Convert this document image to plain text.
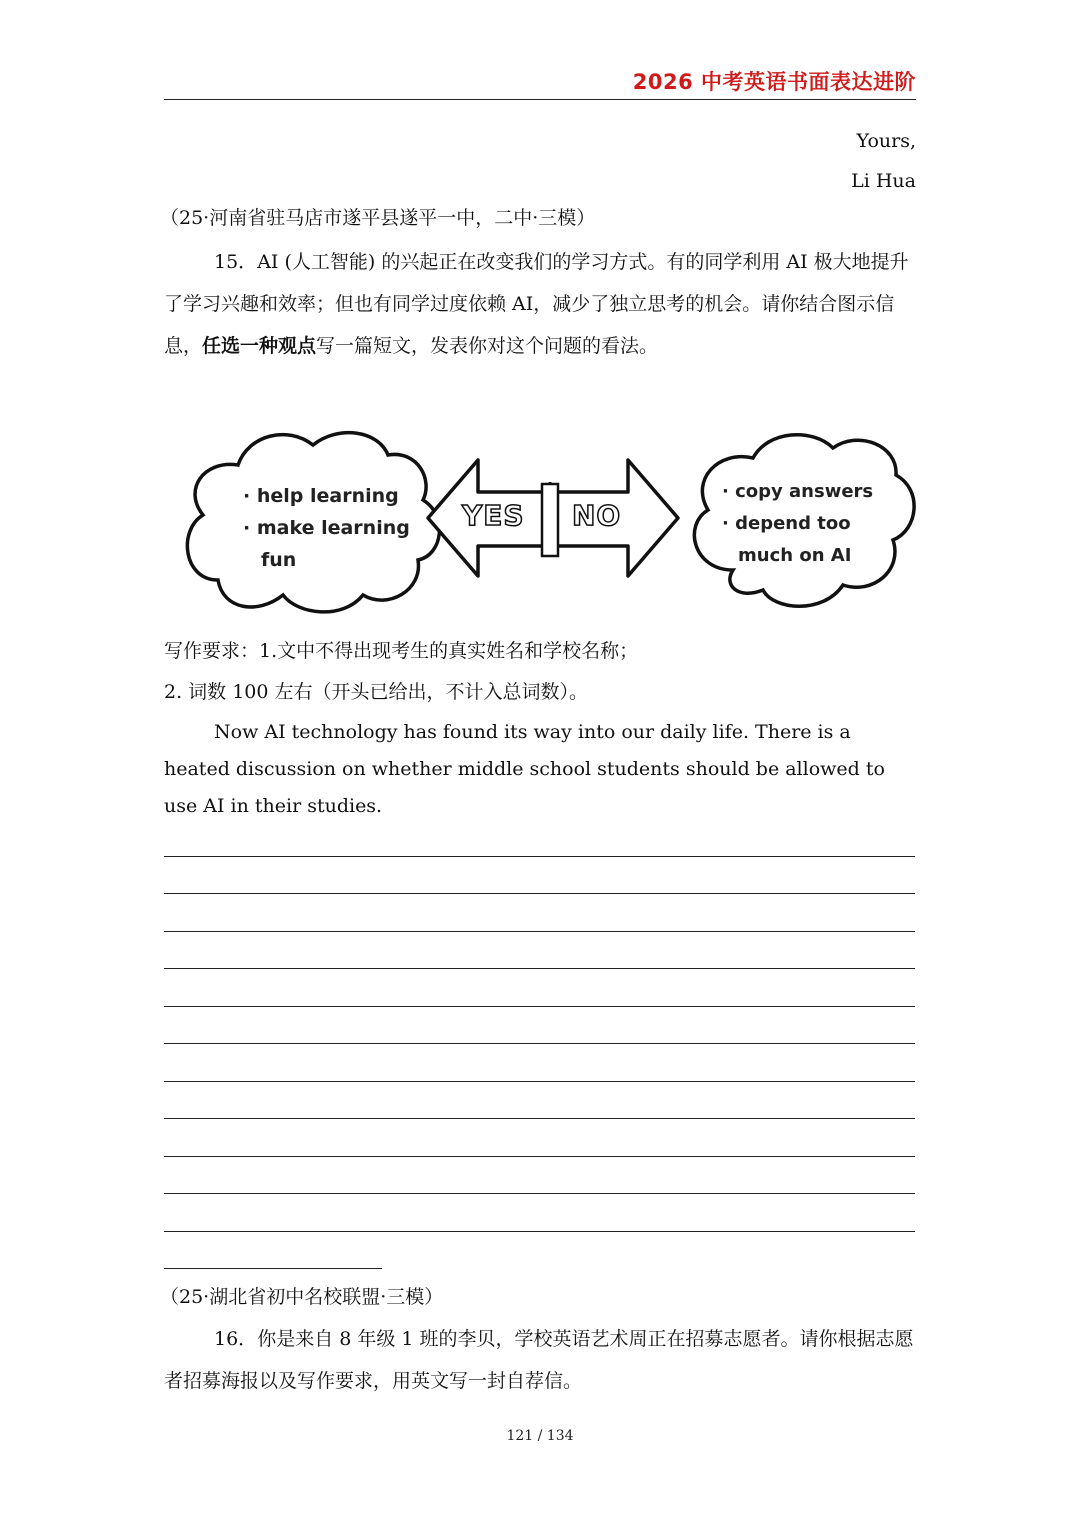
2026 中考英语书面表达进阶
Yours,
Li Hua
（25·河南省驻马店市遂平县遂平一中，二中·三模）
15．AI (人工智能) 的兴起正在改变我们的学习方式。有的同学利用 AI 极大地提升了学习兴趣和效率；但也有同学过度依赖 AI，减少了独立思考的机会。请你结合图示信息，任选一种观点写一篇短文，发表你对这个问题的看法。
· help learning
· make learning
fun
YES NO
· copy answers
· depend too
much on AI
写作要求：1.文中不得出现考生的真实姓名和学校名称；
2. 词数 100 左右（开头已给出，不计入总词数）。
Now AI technology has found its way into our daily life. There is a heated discussion on whether middle school students should be allowed to use AI in their studies.
（25·湖北省初中名校联盟·三模）
16．你是来自 8 年级 1 班的李贝，学校英语艺术周正在招募志愿者。请你根据志愿者招募海报以及写作要求，用英文写一封自荐信。
121 / 134
